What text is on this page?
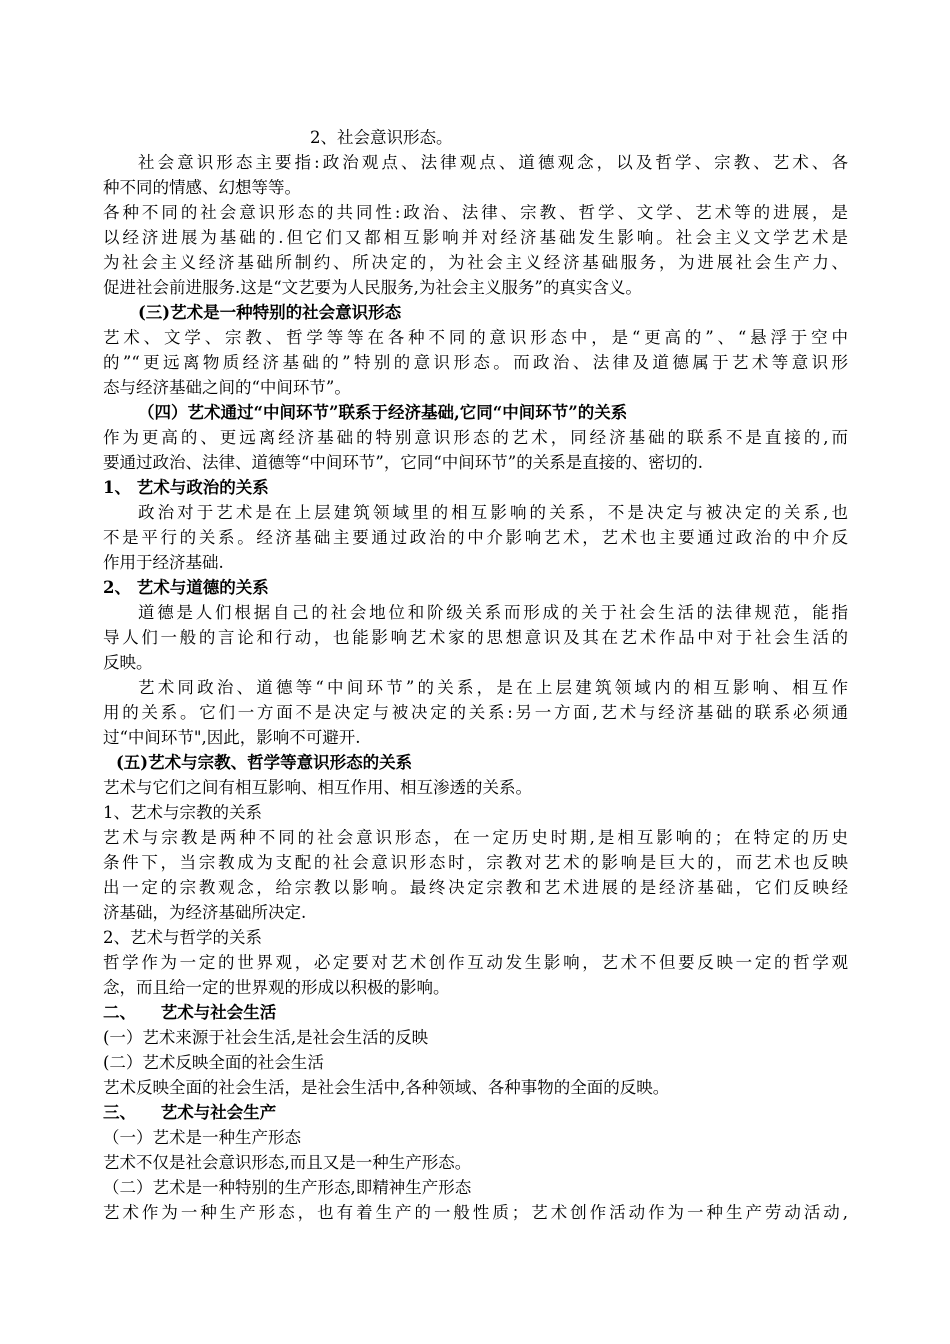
2、社会意识形态。
社会意识形态主要指:政治观点、法律观点、道德观念，以及哲学、宗教、艺术、各
种不同的情感、幻想等等。
各种不同的社会意识形态的共同性:政治、法律、宗教、哲学、文学、艺术等的进展，是
以经济进展为基础的.但它们又都相互影响并对经济基础发生影响。社会主义文学艺术是
为社会主义经济基础所制约、所决定的，为社会主义经济基础服务，为进展社会生产力、
促进社会前进服务.这是“文艺要为人民服务,为社会主义服务”的真实含义。
(三)艺术是一种特别的社会意识形态
艺术、文学、宗教、哲学等等在各种不同的意识形态中，是“更高的”、“悬浮于空中
的”“更远离物质经济基础的”特别的意识形态。而政治、法律及道德属于艺术等意识形
态与经济基础之间的“中间环节”。
（四）艺术通过“中间环节”联系于经济基础,它同“中间环节”的关系
作为更高的、更远离经济基础的特别意识形态的艺术，同经济基础的联系不是直接的,而
要通过政治、法律、道德等“中间环节”，它同“中间环节”的关系是直接的、密切的.
1、 艺术与政治的关系
政治对于艺术是在上层建筑领域里的相互影响的关系，不是决定与被决定的关系,也
不是平行的关系。经济基础主要通过政治的中介影响艺术，艺术也主要通过政治的中介反
作用于经济基础.
2、 艺术与道德的关系
道德是人们根据自己的社会地位和阶级关系而形成的关于社会生活的法律规范，能指
导人们一般的言论和行动，也能影响艺术家的思想意识及其在艺术作品中对于社会生活的
反映。
艺术同政治、道德等“中间环节”的关系，是在上层建筑领域内的相互影响、相互作
用的关系。它们一方面不是决定与被决定的关系:另一方面,艺术与经济基础的联系必须通
过“中间环节",因此，影响不可避开.
(五)艺术与宗教、哲学等意识形态的关系
艺术与它们之间有相互影响、相互作用、相互渗透的关系。
1、艺术与宗教的关系
艺术与宗教是两种不同的社会意识形态，在一定历史时期,是相互影响的；在特定的历史
条件下，当宗教成为支配的社会意识形态时，宗教对艺术的影响是巨大的，而艺术也反映
出一定的宗教观念，给宗教以影响。最终决定宗教和艺术进展的是经济基础，它们反映经
济基础，为经济基础所决定.
2、艺术与哲学的关系
哲学作为一定的世界观，必定要对艺术创作互动发生影响，艺术不但要反映一定的哲学观
念，而且给一定的世界观的形成以积极的影响。
二、　　艺术与社会生活
(一）艺术来源于社会生活,是社会生活的反映
(二）艺术反映全面的社会生活
艺术反映全面的社会生活，是社会生活中,各种领域、各种事物的全面的反映。
三、　　艺术与社会生产
（一）艺术是一种生产形态
艺术不仅是社会意识形态,而且又是一种生产形态。
（二）艺术是一种特别的生产形态,即精神生产形态
艺术作为一种生产形态，也有着生产的一般性质；艺术创作活动作为一种生产劳动活动,
